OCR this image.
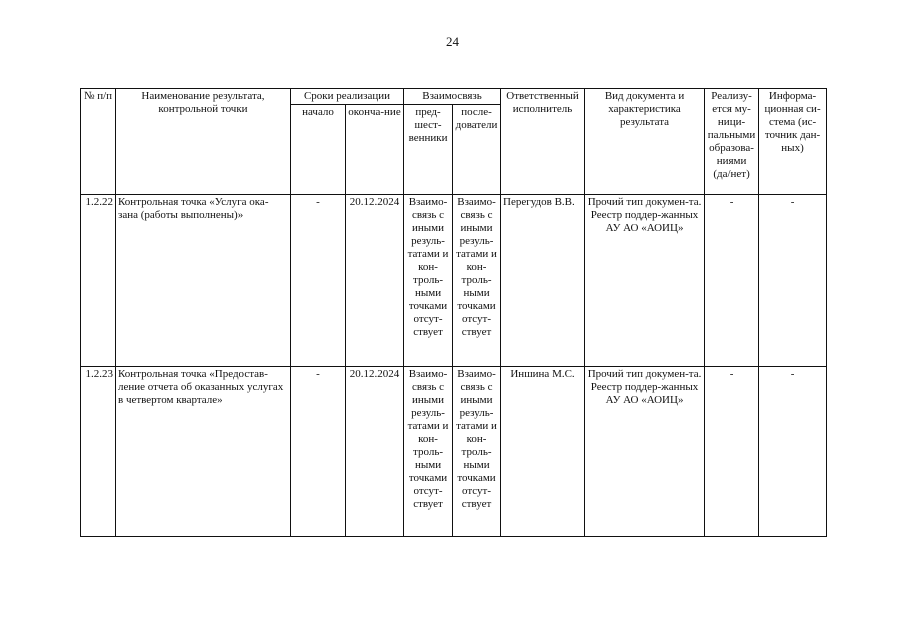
24
№ п/п	Наименование результата, контрольной точки	Сроки реализации		Взаимосвязь		Ответственный исполнитель	Вид документа и характеристика результата	Реализу-ется му-ници-пальными образова-ниями (да/нет)	Информа-ционная си-стема (ис-точник дан-ных)
		начало	оконча-ние	пред-шест-венники	после-дователи				
1.2.22	Контрольная точка «Услуга ока-зана (работы выполнены)»	-	20.12.2024	Взаимо-связь с иными резуль-татами и кон-троль-ными точками отсут-ствует	Взаимо-связь с иными резуль-татами и кон-троль-ными точками отсут-ствует	Перегудов В.В.	Прочий тип докумен-та. Реестр поддер-жанных АУ АО «АОИЦ»	-	-
1.2.23	Контрольная точка «Предостав-ление отчета об оказанных услугах в четвертом квартале»	-	20.12.2024	Взаимо-связь с иными резуль-татами и кон-троль-ными точками отсут-ствует	Взаимо-связь с иными резуль-татами и кон-троль-ными точками отсут-ствует	Иншина М.С.	Прочий тип докумен-та. Реестр поддер-жанных АУ АО «АОИЦ»	-	-
